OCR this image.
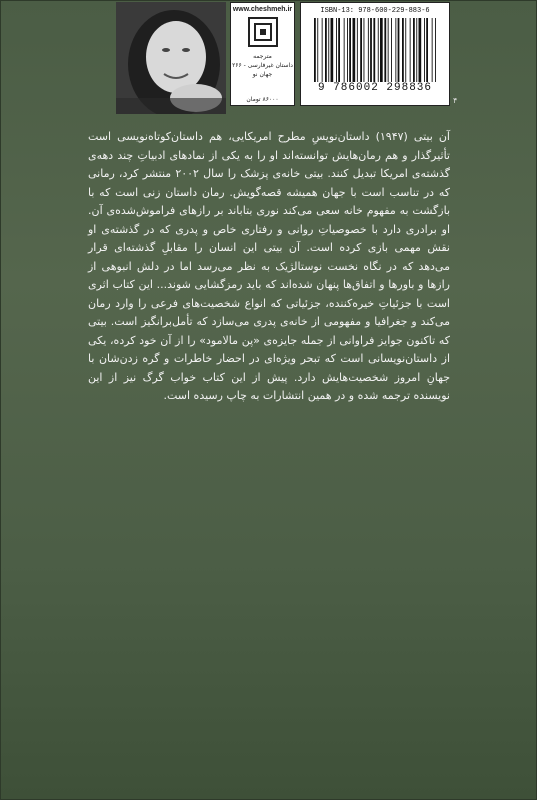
www.cheshmeh.ir
مترجمه
داستان غیرفارسی - ۲۶۶
جهان نو
۸۶۰۰۰ تومان
ISBN-13: 978-600-229-883-6
9 786002 298836
۴

آن بیتی (۱۹۴۷) داستان‌نویسِ مطرح امریکایی، هم داستان‌کوتاه‌نویسی است تأثیرگذار و هم رمان‌هایش توانسته‌اند او را به یکی از نمادهای ادبیاتِ چند دهه‌ی گذشته‌ی امریکا تبدیل کنند. بیتی خانه‌ی پزشک را سال ۲۰۰۲ منتشر کرد، رمانی که در تناسب است با جهان همیشه قصه‌گویش. رمان داستان زنی است که با بازگشت به مفهوم خانه سعی می‌کند نوری بتاباند بر رازهای فراموش‌شده‌ی آن. او برادری دارد با خصوصیاتِ روانی و رفتاری خاص و پدری که در گذشته‌ی او نقش مهمی بازی کرده است. آن بیتی این انسان را مقابلِ گذشته‌ای قرار می‌دهد که در نگاه نخست نوستالژیک به نظر می‌رسد اما در دلش انبوهی از رازها و باورها و اتفاق‌ها پنهان شده‌اند که باید رمزگشایی شوند... این کتاب اثری است با جزئیاتِ خیره‌کننده، جزئیاتی که انواع شخصیت‌های فرعی را وارد رمان می‌کند و جغرافیا و مفهومی از خانه‌ی پدری می‌سازد که تأمل‌برانگیز است. بیتی که تاکنون جوایز فراوانی از جمله جایزه‌ی «پن مالامود» را از آن خود کرده، یکی از داستان‌نویسانی است که تبحر ویژه‌ای در احضار خاطرات و گره زدن‌شان با جهانِ امروز شخصیت‌هایش دارد. پیش از این کتاب خواب گرگ نیز از این نویسنده ترجمه شده و در همین انتشارات به چاپ رسیده است.
